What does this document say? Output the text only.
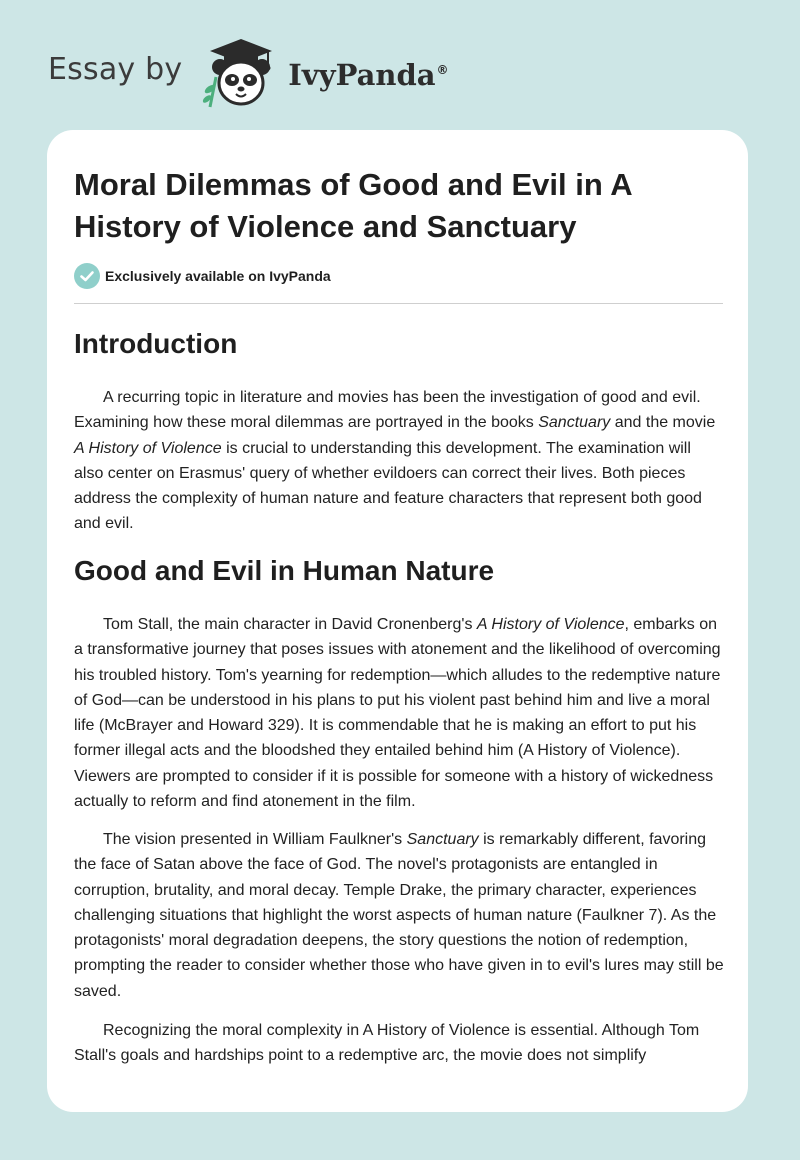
Essay by	IvyPanda®
Moral Dilemmas of Good and Evil in A History of Violence and Sanctuary
Exclusively available on IvyPanda
Introduction

A recurring topic in literature and movies has been the investigation of good and evil. Examining how these moral dilemmas are portrayed in the books Sanctuary and the movie A History of Violence is crucial to understanding this development. The examination will also center on Erasmus' query of whether evildoers can correct their lives. Both pieces address the complexity of human nature and feature characters that represent both good and evil.

Good and Evil in Human Nature

Tom Stall, the main character in David Cronenberg's A History of Violence, embarks on a transformative journey that poses issues with atonement and the likelihood of overcoming his troubled history. Tom's yearning for redemption—which alludes to the redemptive nature of God—can be understood in his plans to put his violent past behind him and live a moral life (McBrayer and Howard 329). It is commendable that he is making an effort to put his former illegal acts and the bloodshed they entailed behind him (A History of Violence). Viewers are prompted to consider if it is possible for someone with a history of wickedness actually to reform and find atonement in the film.

The vision presented in William Faulkner's Sanctuary is remarkably different, favoring the face of Satan above the face of God. The novel's protagonists are entangled in corruption, brutality, and moral decay. Temple Drake, the primary character, experiences challenging situations that highlight the worst aspects of human nature (Faulkner 7). As the protagonists' moral degradation deepens, the story questions the notion of redemption, prompting the reader to consider whether those who have given in to evil's lures may still be saved.

Recognizing the moral complexity in A History of Violence is essential. Although Tom Stall's goals and hardships point to a redemptive arc, the movie does not simplify
